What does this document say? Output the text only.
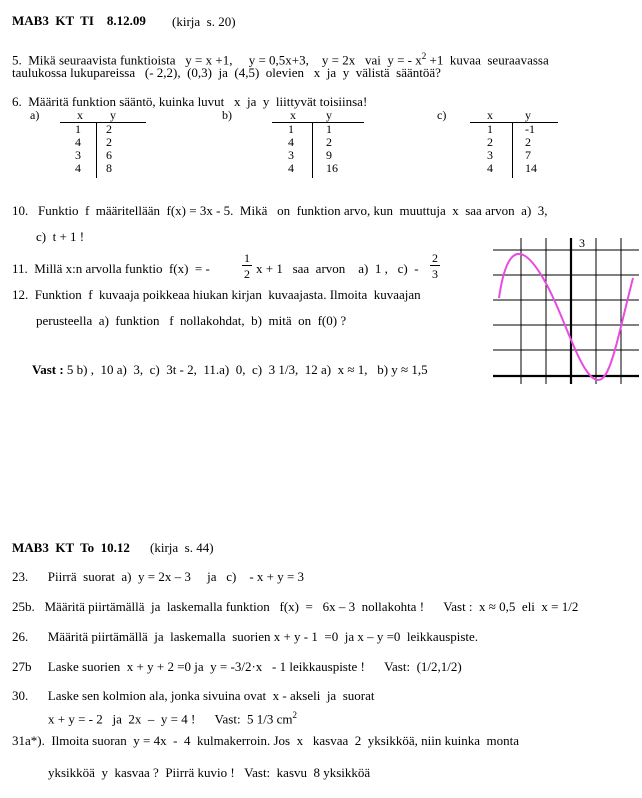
MAB3  KT  TI    8.12.09 (kirja  s. 20)
5.  Mikä seuraavista funktioista   y = x +1,     y = 0,5x+3,    y = 2x   vai  y = - $x^2 +1$  kuvaa  seuraavassa
taulukossa lukupareissa   (- 2,2),  (0,3)  ja  (4,5)  olevien   x  ja  y  välistä  sääntöä?
6.  Määritä funktion sääntö, kuinka luvut   x  ja  y  liittyvät toisiinsa!
a)	x y
1 2
4 2
3 6
4 8
b)	x	y
1	1
4	2
3	9
4	16
c)	x	y
1	-1
2	2
3	7
4	14
10.   Funktio  f  määritellään  f(x) = 3x - 5.  Mikä   on  funktion arvo, kun  muuttuja  x  saa arvon  a)  3,
c)  t + 1 !
11.  Millä x:n arvolla funktio  f(x)  = -
1
2 x + 1   saa  arvon    a)  1 ,   c)  -
2
3
12.  Funktion  f  kuvaaja poikkeaa hiukan kirjan  kuvaajasta. Ilmoita  kuvaajan
perusteella  a)  funktion   f  nollakohdat,  b)  mitä  on  f(0) ?
Vast : 5 b) ,  10 a)  3,  c)  3t - 2,  11.a)  0,  c)  3 1/3,  12 a)  x ≈ 1,   b) y ≈ 1,5
3
MAB3  KT  To  10.12 (kirja  s. 44)
23.      Piirrä  suorat  a)  y = 2x – 3     ja   c)    - x + y = 3
25b.   Määritä piirtämällä  ja  laskemalla funktion   f(x)  =   6x – 3  nollakohta !      Vast :  x ≈ 0,5  eli  x = 1/2
26.      Määritä piirtämällä  ja  laskemalla  suorien x + y - 1  =0  ja x – y =0  leikkauspiste.
27b     Laske suorien  x + y + 2 =0 ja  y = -3/2·x   - 1 leikkauspiste !      Vast:  (1/2,1/2)
30.      Laske sen kolmion ala, jonka sivuina ovat  x - akseli  ja  suorat
x + y = - 2   ja  2x  –  y = 4 !      Vast:  5 1/3 $cm^2$
31a*).  Ilmoita suoran  y = 4x  -  4  kulmakerroin. Jos  x   kasvaa  2  yksikköä, niin kuinka  monta
yksikköä  y  kasvaa ?  Piirrä kuvio !   Vast:  kasvu  8 yksikköä
